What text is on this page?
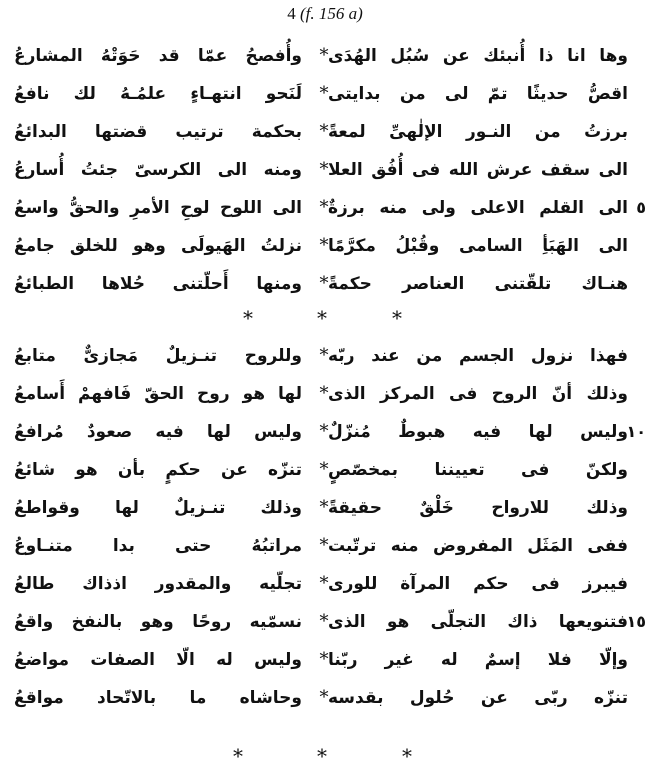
4 (f. 156 a)
وها انا ذا أُنبئك عن سُبُل الهُدَى
*
وأُفصحُ عمّا قد حَوَتْهُ المشارعُ
اقصُّ حديثًا تمّ لى من بدايتى
*
لَنَحو انتهـاءٍ علمُـهُ لك نافعُ
برزتُ من النـور الإلٰهىِّ لمعةً
*
بحكمة ترتيب قضتها البدائعُ
الى سقف عرش الله فى أُفُق العلا
*
ومنه الى الكرسىّ جئتُ أُسارعُ
٥
الى القلم الاعلى ولى منه برزةٌ
*
الى اللوح لوحِ الأمرِ والحقُّ واسعُ
الى الهَبَأِ السامى وقُبْلُ مكرَّمًا
*
نزلتُ الهَيولَى وهو للخلق جامعُ
هنـاك تلقّتنى العناصر حكمةً
*
ومنها أَحلّتنى حُلاها الطبائعُ
*	*	*
فهذا نزول الجسم من عند ربّه
*
وللروح تنـزيلٌ مَجازىٌّ متابعُ
وذلك أنّ الروح فى المركز الذى
*
لها هو روح الحقّ فَافهمْ أَسامعُ
١٠
وليس لها فيه هبوطٌ مُنزّلٌ
*
وليس لها فيه صعودٌ مُرافعُ
ولكنّ فى تعييننا بمخصّصٍ
*
تنزّه عن حكمٍ بأن هو شائعُ
وذلك للارواح خَلْقٌ حقيقةً
*
وذلك تنـزيلٌ لها وقواطعُ
ففى المَثَل المفروض منه ترتّبت
*
مراتبُهُ حتى بدا متنـاوعُ
فيبرز فى حكم المرآة للورى
*
تجلّيه والمقدور اذذاك طالعُ
١٥
فتنويعها ذاك التجلّى هو الذى
*
نسمّيه روحًا وهو بالنفخ واقعُ
وإلّا فلا إسمٌ له غير ربّنا
*
وليس له الّا الصفات مواضعُ
تنزّه ربّى عن حُلول بقدسه
*
وحاشاه ما بالاتّحاد مواقعُ
*	*	*
